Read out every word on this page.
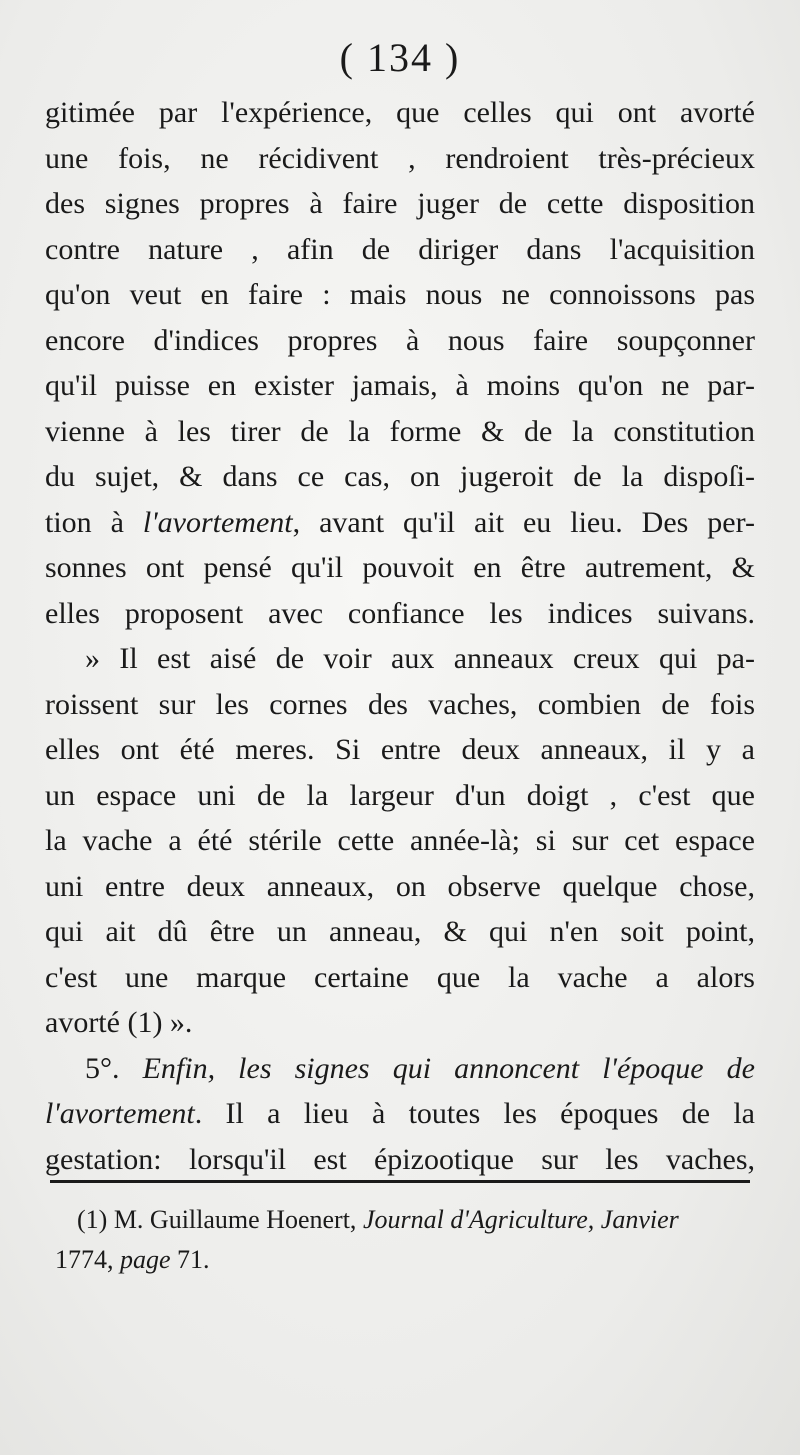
( 134 )
gitimée par l'expérience, que celles qui ont avorté
une fois, ne récidivent , rendroient très-précieux
des signes propres à faire juger de cette disposition
contre nature , afin de diriger dans l'acquisition
qu'on veut en faire : mais nous ne connoissons pas
encore d'indices propres à nous faire soupçonner
qu'il puisse en exister jamais, à moins qu'on ne par-
vienne à les tirer de la forme & de la constitution
du sujet, & dans ce cas, on jugeroit de la dispoſi-
tion à l'avortement, avant qu'il ait eu lieu. Des per-
sonnes ont pensé qu'il pouvoit en être autrement, &
elles proposent avec confiance les indices suivans.
» Il est aisé de voir aux anneaux creux qui pa-
roissent sur les cornes des vaches, combien de fois
elles ont été meres. Si entre deux anneaux, il y a
un espace uni de la largeur d'un doigt , c'est que
la vache a été stérile cette année-là; si sur cet espace
uni entre deux anneaux, on observe quelque chose,
qui ait dû être un anneau, & qui n'en soit point,
c'est une marque certaine que la vache a alors
avorté (1) ».
5°. Enfin, les signes qui annoncent l'époque de
l'avortement. Il a lieu à toutes les époques de la
gestation: lorsqu'il est épizootique sur les vaches,
(1) M. Guillaume Hoenert, Journal d'Agriculture, Janvier
1774, page 71.
